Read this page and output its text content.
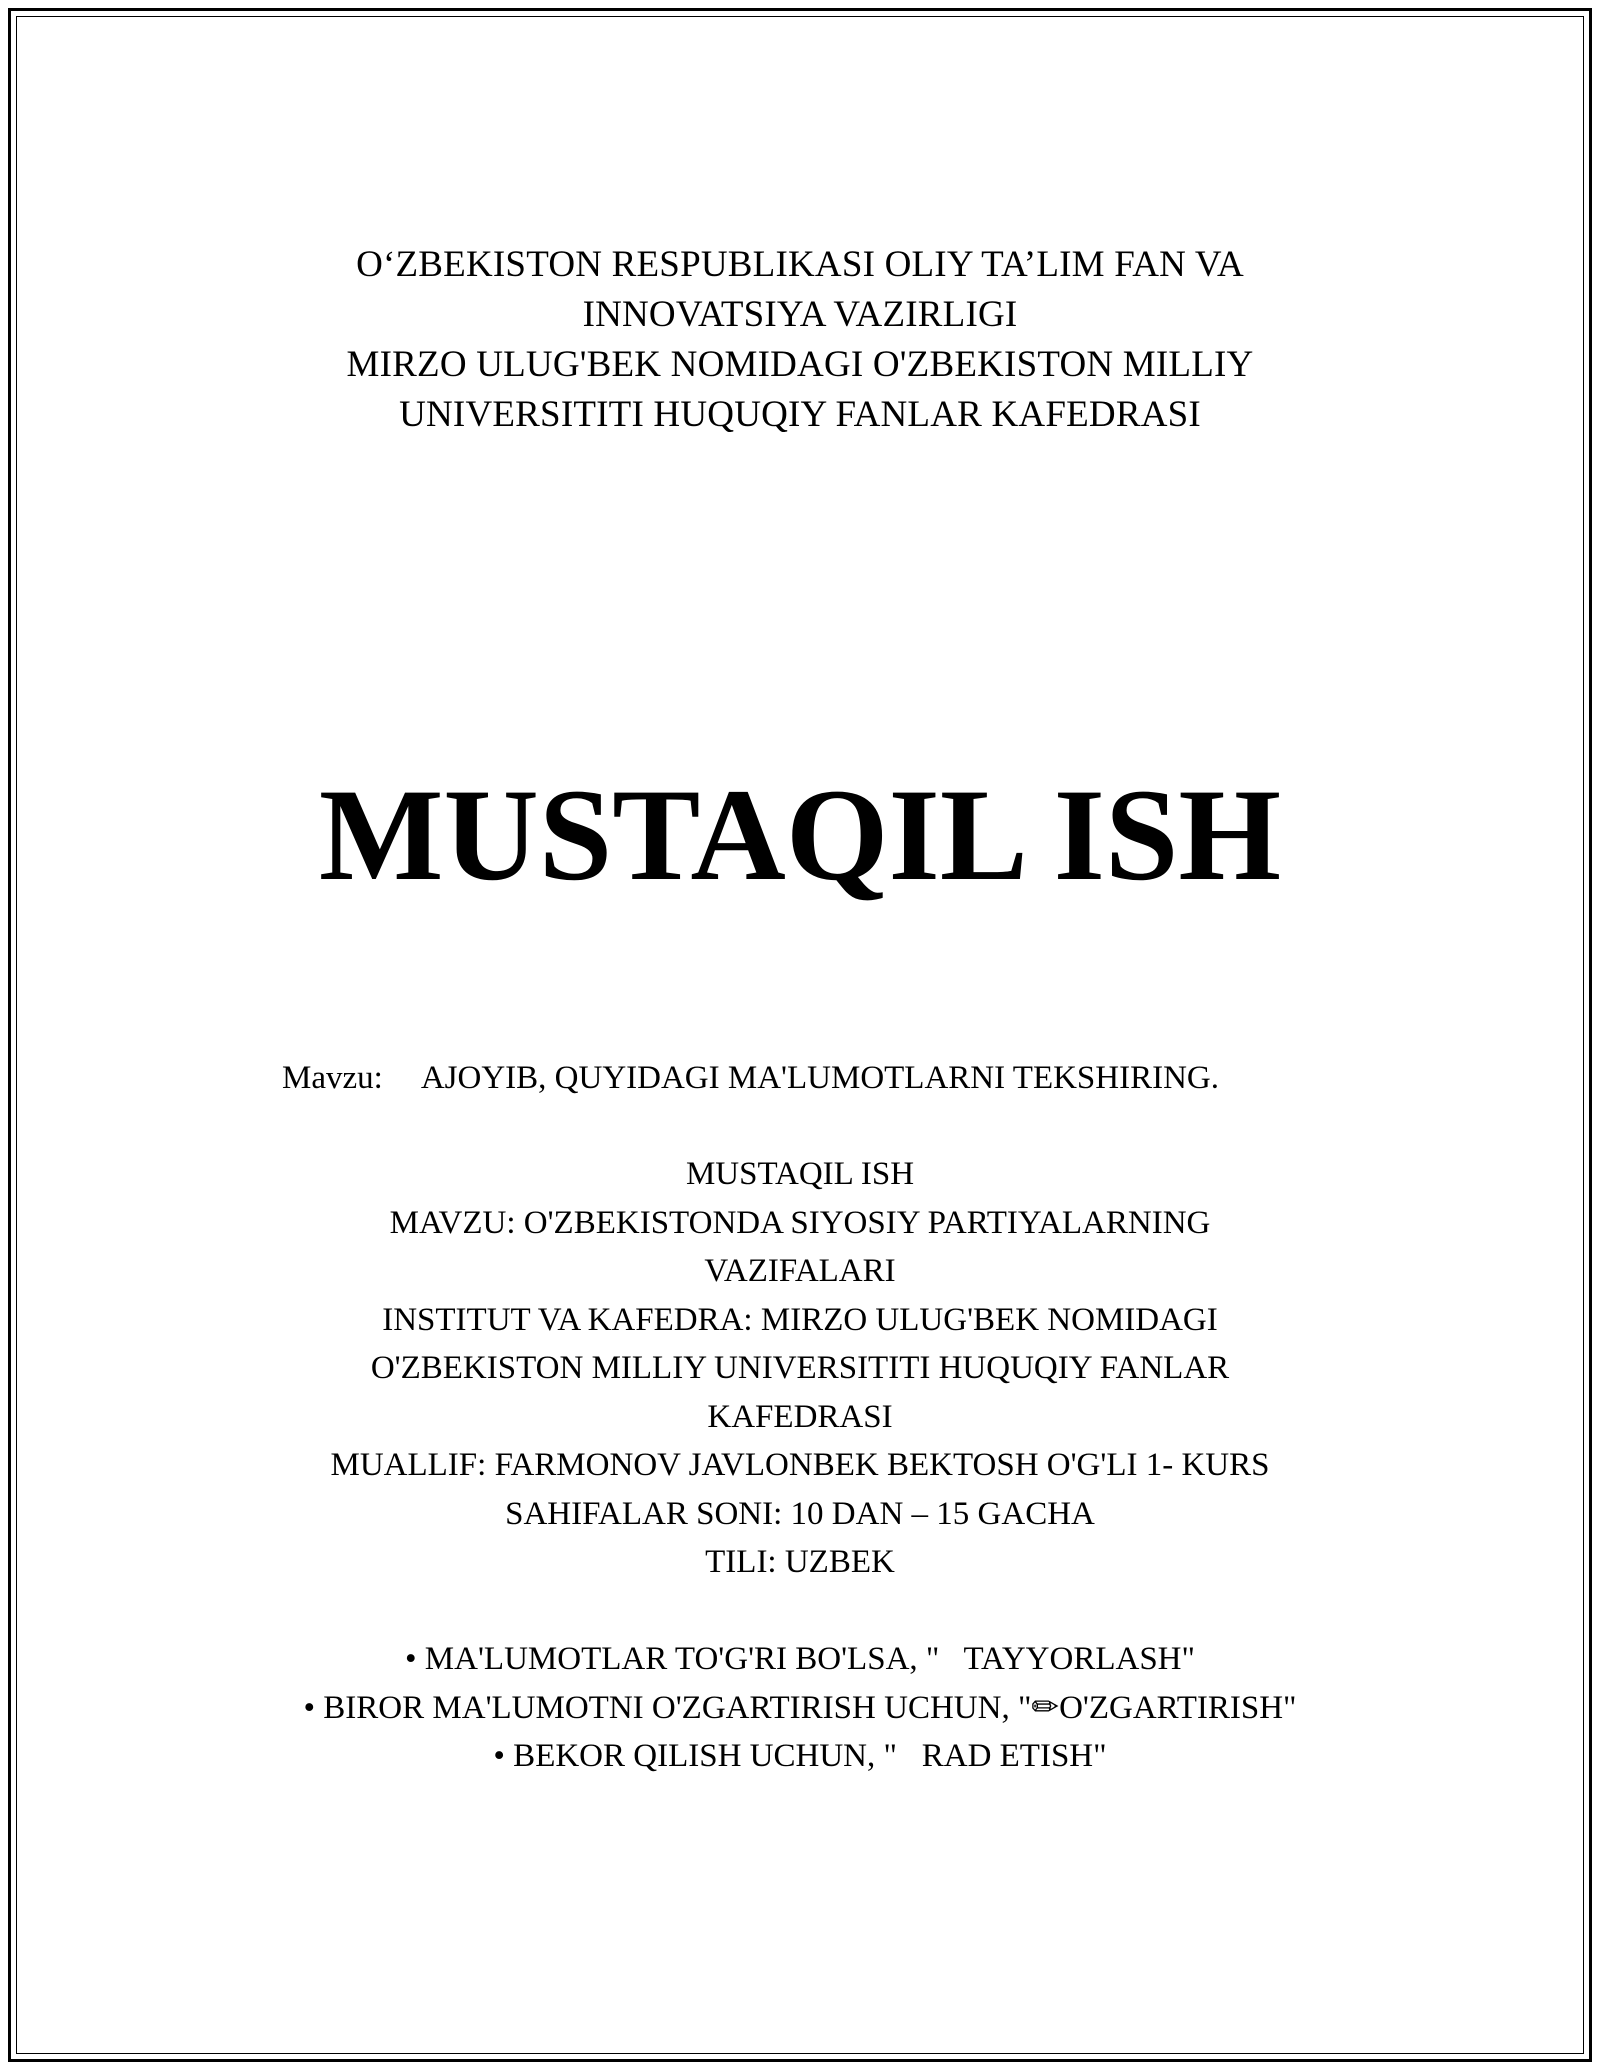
O‘ZBEKISTON RESPUBLIKASI OLIY TA’LIM FAN VA
INNOVATSIYA VAZIRLIGI
MIRZO ULUG'BEK NOMIDAGI O'ZBEKISTON MILLIY
UNIVERSITITI HUQUQIY FANLAR KAFEDRASI
MUSTAQIL ISH
Mavzu: AJOYIB, QUYIDAGI MA'LUMOTLARNI TEKSHIRING.
MUSTAQIL ISH
MAVZU: O'ZBEKISTONDA SIYOSIY PARTIYALARNING
VAZIFALARI
INSTITUT VA KAFEDRA: MIRZO ULUG'BEK NOMIDAGI
O'ZBEKISTON MILLIY UNIVERSITITI HUQUQIY FANLAR
KAFEDRASI
MUALLIF: FARMONOV JAVLONBEK BEKTOSH O'G'LI 1- KURS
SAHIFALAR SONI: 10 DAN – 15 GACHA
TILI: UZBEK
• MA'LUMOTLAR TO'G'RI BO'LSA, "   TAYYORLASH"
• BIROR MA'LUMOTNI O'ZGARTIRISH UCHUN, "✏O'ZGARTIRISH"
• BEKOR QILISH UCHUN, "   RAD ETISH"
